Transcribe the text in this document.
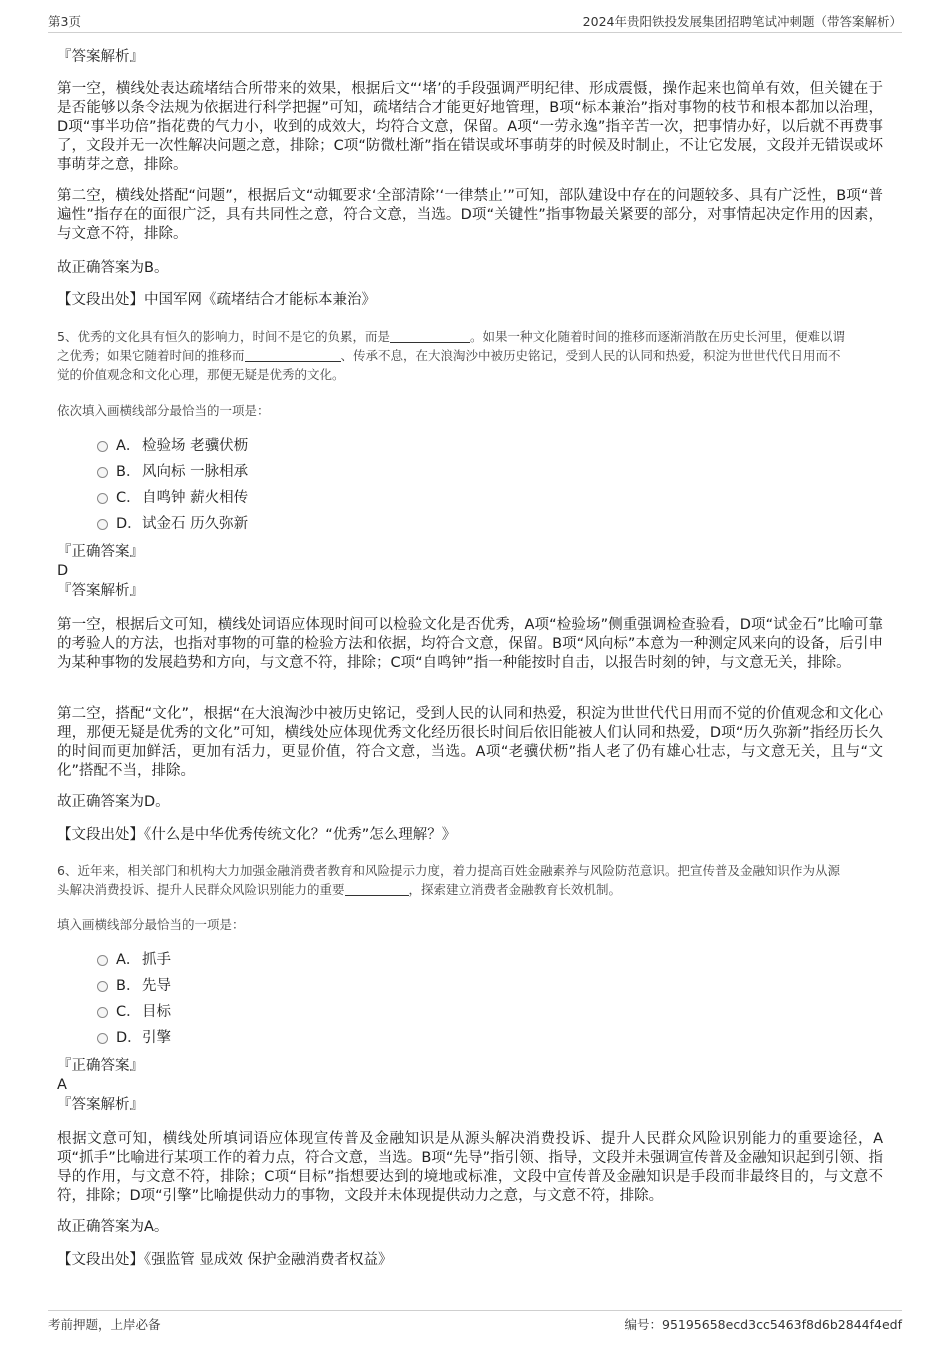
第3页	2024年贵阳铁投发展集团招聘笔试冲刺题（带答案解析）
『答案解析』
第一空，横线处表达疏堵结合所带来的效果，根据后文“‘堵’的手段强调严明纪律、形成震慑，操作起来也简单有效，但关键在于是否能够以条令法规为依据进行科学把握”可知，疏堵结合才能更好地管理，B项“标本兼治”指对事物的枝节和根本都加以治理，D项“事半功倍”指花费的气力小，收到的成效大，均符合文意，保留。A项“一劳永逸”指辛苦一次，把事情办好，以后就不再费事了，文段并无一次性解决问题之意，排除；C项“防微杜渐”指在错误或坏事萌芽的时候及时制止，不让它发展，文段并无错误或坏事萌芽之意，排除。
第二空，横线处搭配“问题”，根据后文“动辄要求‘全部清除’‘一律禁止’”可知，部队建设中存在的问题较多、具有广泛性，B项“普遍性”指存在的面很广泛，具有共同性之意，符合文意，当选。D项“关键性”指事物最关紧要的部分，对事情起决定作用的因素，与文意不符，排除。
故正确答案为B。
【文段出处】中国军网《疏堵结合才能标本兼治》
5、优秀的文化具有恒久的影响力，时间不是它的负累，而是	。如果一种文化随着时间的推移而逐渐消散在历史长河里，便难以谓
之优秀；如果它随着时间的推移而	、传承不息，在大浪淘沙中被历史铭记，受到人民的认同和热爱，积淀为世世代代日用而不
觉的价值观念和文化心理，那便无疑是优秀的文化。
依次填入画横线部分最恰当的一项是：
A． 检验场 老骥伏枥
B． 风向标 一脉相承
C．自鸣钟 薪火相传
D．试金石 历久弥新
『正确答案』
D
『答案解析』
第一空，根据后文可知，横线处词语应体现时间可以检验文化是否优秀，A项“检验场”侧重强调检查验看，D项“试金石”比喻可靠的考验人的方法，也指对事物的可靠的检验方法和依据，均符合文意，保留。B项“风向标”本意为一种测定风来向的设备，后引申为某种事物的发展趋势和方向，与文意不符，排除；C项“自鸣钟”指一种能按时自击，以报告时刻的钟，与文意无关，排除。
第二空，搭配“文化”，根据“在大浪淘沙中被历史铭记，受到人民的认同和热爱，积淀为世世代代日用而不觉的价值观念和文化心理，那便无疑是优秀的文化”可知，横线处应体现优秀文化经历很长时间后依旧能被人们认同和热爱，D项“历久弥新”指经历长久的时间而更加鲜活，更加有活力，更显价值，符合文意，当选。A项“老骥伏枥”指人老了仍有雄心壮志，与文意无关，且与“文化”搭配不当，排除。
故正确答案为D。
【文段出处】《什么是中华优秀传统文化？“优秀”怎么理解？》
6、近年来，相关部门和机构大力加强金融消费者教育和风险提示力度，着力提高百姓金融素养与风险防范意识。把宣传普及金融知识作为从源
头解决消费投诉、提升人民群众风险识别能力的重要	，探索建立消费者金融教育长效机制。
填入画横线部分最恰当的一项是：
A． 抓手
B． 先导
C．目标
D．引擎
『正确答案』
A
『答案解析』
根据文意可知，横线处所填词语应体现宣传普及金融知识是从源头解决消费投诉、提升人民群众风险识别能力的重要途径，A项“抓手”比喻进行某项工作的着力点，符合文意，当选。B项“先导”指引领、指导，文段并未强调宣传普及金融知识起到引领、指导的作用，与文意不符，排除；C项“目标”指想要达到的境地或标准，文段中宣传普及金融知识是手段而非最终目的，与文意不符，排除；D项“引擎”比喻提供动力的事物，文段并未体现提供动力之意，与文意不符，排除。
故正确答案为A。
【文段出处】《强监管 显成效 保护金融消费者权益》
考前押题，上岸必备	编号：95195658ecd3cc5463f8d6b2844f4edf
